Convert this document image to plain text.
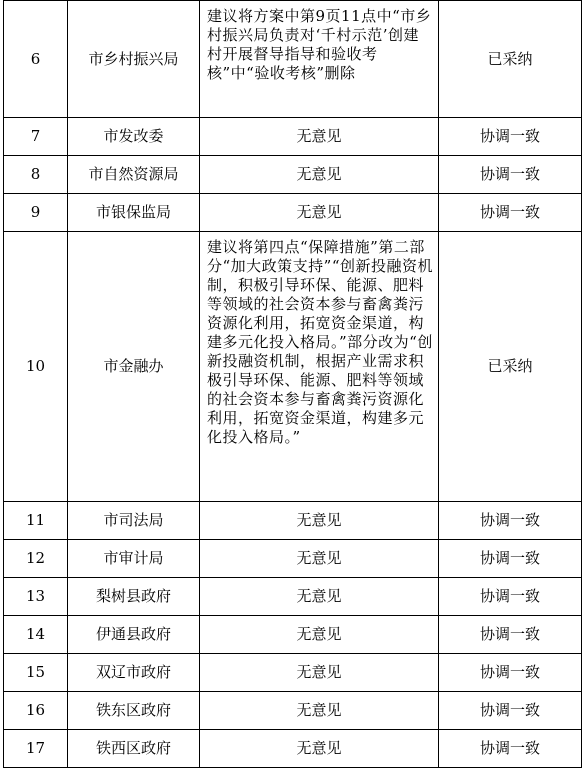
6	市乡村振兴局	建议将方案中第9页11点中“市乡村振兴局负责对‘千村示范’创建村开展督导指导和验收考核”中“验收考核”删除	已采纳
7	市发改委	无意见	协调一致
8	市自然资源局	无意见	协调一致
9	市银保监局	无意见	协调一致
10	市金融办	建议将第四点“保障措施”第二部分“加大政策支持”“创新投融资机制，积极引导环保、能源、肥料等领域的社会资本参与畜禽粪污资源化利用，拓宽资金渠道，构建多元化投入格局。”部分改为“创新投融资机制，根据产业需求积极引导环保、能源、肥料等领域的社会资本参与畜禽粪污资源化利用，拓宽资金渠道，构建多元化投入格局。”	已采纳
11	市司法局	无意见	协调一致
12	市审计局	无意见	协调一致
13	梨树县政府	无意见	协调一致
14	伊通县政府	无意见	协调一致
15	双辽市政府	无意见	协调一致
16	铁东区政府	无意见	协调一致
17	铁西区政府	无意见	协调一致
